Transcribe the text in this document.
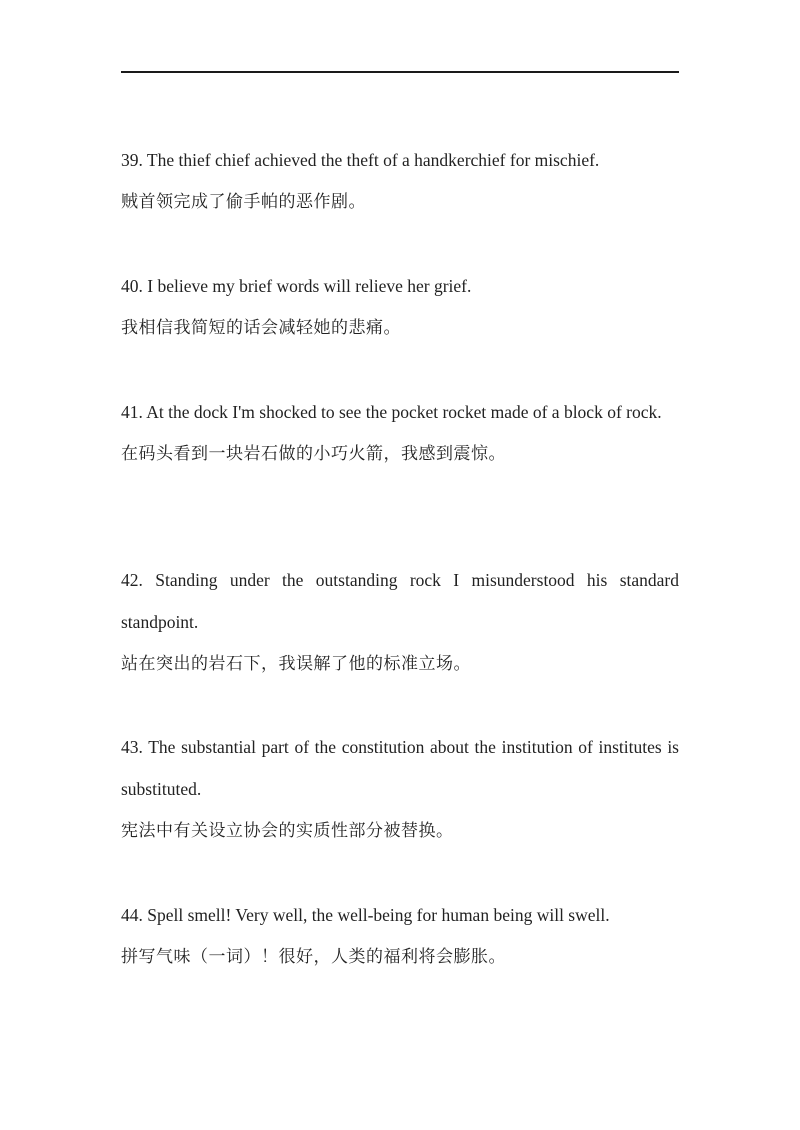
39. The thief chief achieved the theft of a handkerchief for mischief.

贼首领完成了偷手帕的恶作剧。

40. I believe my brief words will relieve her grief.

我相信我简短的话会减轻她的悲痛。

41. At the dock I'm shocked to see the pocket rocket made of a block of rock.

在码头看到一块岩石做的小巧火箭，我感到震惊。

42. Standing under the outstanding rock I misunderstood his standard standpoint.

站在突出的岩石下，我误解了他的标准立场。

43. The substantial part of the constitution about the institution of institutes is substituted.

宪法中有关设立协会的实质性部分被替换。

44. Spell smell! Very well, the well-being for human being will swell.

拼写气味（一词）！很好，人类的福利将会膨胀。
